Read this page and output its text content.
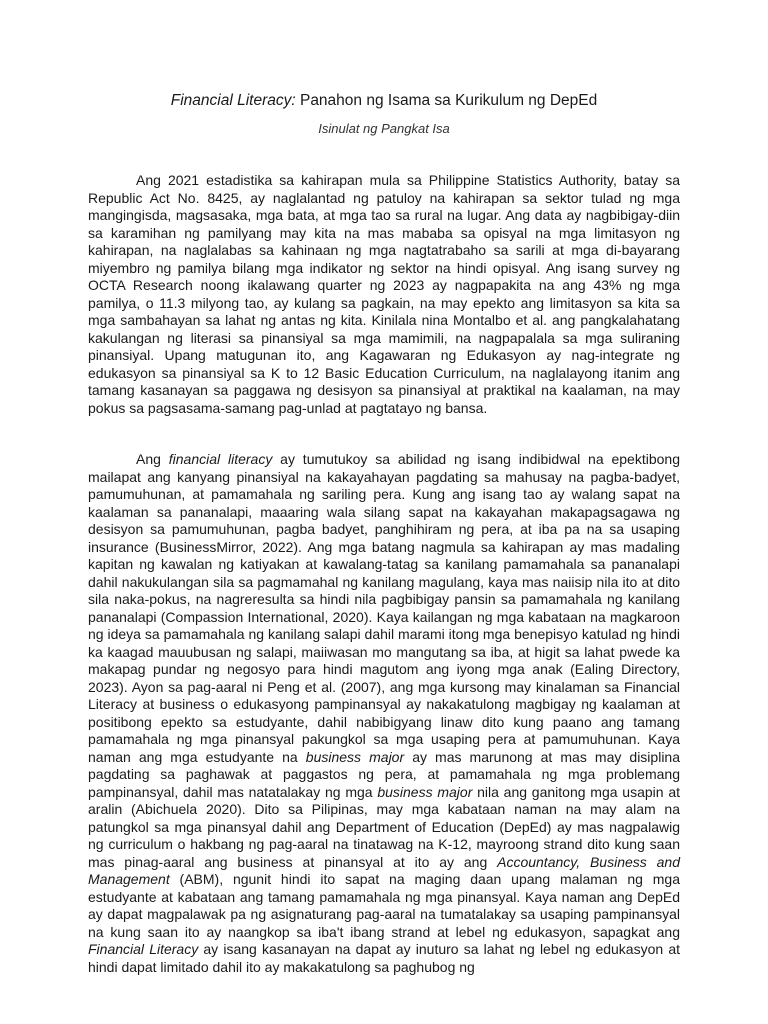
Financial Literacy: Panahon ng Isama sa Kurikulum ng DepEd
Isinulat ng Pangkat Isa

Ang 2021 estadistika sa kahirapan mula sa Philippine Statistics Authority, batay sa Republic Act No. 8425, ay naglalantad ng patuloy na kahirapan sa sektor tulad ng mga mangingisda, magsasaka, mga bata, at mga tao sa rural na lugar. Ang data ay nagbibigay-diin sa karamihan ng pamilyang may kita na mas mababa sa opisyal na mga limitasyon ng kahirapan, na naglalabas sa kahinaan ng mga nagtatrabaho sa sarili at mga di-bayarang miyembro ng pamilya bilang mga indikator ng sektor na hindi opisyal. Ang isang survey ng OCTA Research noong ikalawang quarter ng 2023 ay nagpapakita na ang 43% ng mga pamilya, o 11.3 milyong tao, ay kulang sa pagkain, na may epekto ang limitasyon sa kita sa mga sambahayan sa lahat ng antas ng kita. Kinilala nina Montalbo et al. ang pangkalahatang kakulangan ng literasi sa pinansiyal sa mga mamimili, na nagpapalala sa mga suliraning pinansiyal. Upang matugunan ito, ang Kagawaran ng Edukasyon ay nag-integrate ng edukasyon sa pinansiyal sa K to 12 Basic Education Curriculum, na naglalayong itanim ang tamang kasanayan sa paggawa ng desisyon sa pinansiyal at praktikal na kaalaman, na may pokus sa pagsasama-samang pag-unlad at pagtatayo ng bansa.

Ang financial literacy ay tumutukoy sa abilidad ng isang indibidwal na epektibong mailapat ang kanyang pinansiyal na kakayahayan pagdating sa mahusay na pagba-badyet, pamumuhunan, at pamamahala ng sariling pera. Kung ang isang tao ay walang sapat na kaalaman sa pananalapi, maaaring wala silang sapat na kakayahan makapagsagawa ng desisyon sa pamumuhunan, pagba badyet, panghihiram ng pera, at iba pa na sa usaping insurance (BusinessMirror, 2022). Ang mga batang nagmula sa kahirapan ay mas madaling kapitan ng kawalan ng katiyakan at kawalang-tatag sa kanilang pamamahala sa pananalapi dahil nakukulangan sila sa pagmamahal ng kanilang magulang, kaya mas naiisip nila ito at dito sila naka-pokus, na nagreresulta sa hindi nila pagbibigay pansin sa pamamahala ng kanilang pananalapi (Compassion International, 2020). Kaya kailangan ng mga kabataan na magkaroon ng ideya sa pamamahala ng kanilang salapi dahil marami itong mga benepisyo katulad ng hindi ka kaagad mauubusan ng salapi, maiiwasan mo mangutang sa iba, at higit sa lahat pwede ka makapag pundar ng negosyo para hindi magutom ang iyong mga anak (Ealing Directory, 2023). Ayon sa pag-aaral ni Peng et al. (2007), ang mga kursong may kinalaman sa Financial Literacy at business o edukasyong pampinansyal ay nakakatulong magbigay ng kaalaman at positibong epekto sa estudyante, dahil nabibigyang linaw dito kung paano ang tamang pamamahala ng mga pinansyal pakungkol sa mga usaping pera at pamumuhunan. Kaya naman ang mga estudyante na business major ay mas marunong at mas may disiplina pagdating sa paghawak at paggastos ng pera, at pamamahala ng mga problemang pampinansyal, dahil mas natatalakay ng mga business major nila ang ganitong mga usapin at aralin (Abichuela 2020). Dito sa Pilipinas, may mga kabataan naman na may alam na patungkol sa mga pinansyal dahil ang Department of Education (DepEd) ay mas nagpalawig ng curriculum o hakbang ng pag-aaral na tinatawag na K-12, mayroong strand dito kung saan mas pinag-aaral ang business at pinansyal at ito ay ang Accountancy, Business and Management (ABM), ngunit hindi ito sapat na maging daan upang malaman ng mga estudyante at kabataan ang tamang pamamahala ng mga pinansyal. Kaya naman ang DepEd ay dapat magpalawak pa ng asignaturang pag-aaral na tumatalakay sa usaping pampinansyal na kung saan ito ay naangkop sa iba't ibang strand at lebel ng edukasyon, sapagkat ang Financial Literacy ay isang kasanayan na dapat ay inuturo sa lahat ng lebel ng edukasyon at hindi dapat limitado dahil ito ay makakatulong sa paghubog ng
